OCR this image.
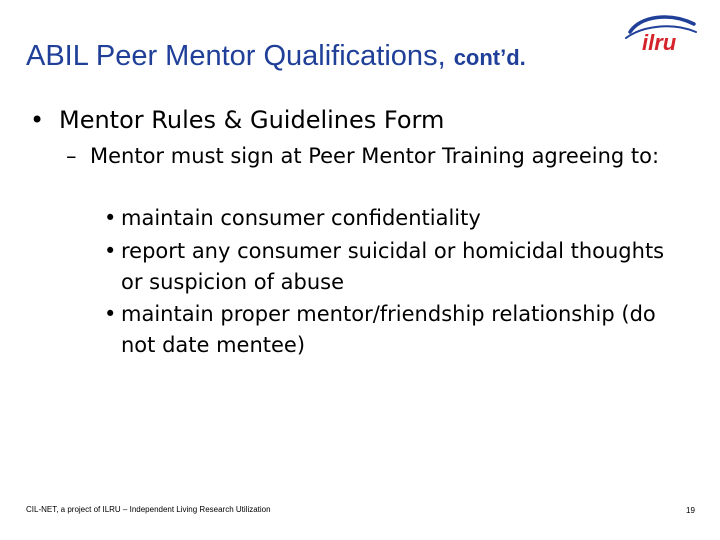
ABIL Peer Mentor Qualifications, cont’d.
ilru
• Mentor Rules & Guidelines Form
– Mentor must sign at Peer Mentor Training agreeing to:
• maintain consumer confidentiality
• report any consumer suicidal or homicidal thoughts or suspicion of abuse
• maintain proper mentor/friendship relationship (do not date mentee)
CIL-NET, a project of ILRU – Independent Living Research Utilization	19
